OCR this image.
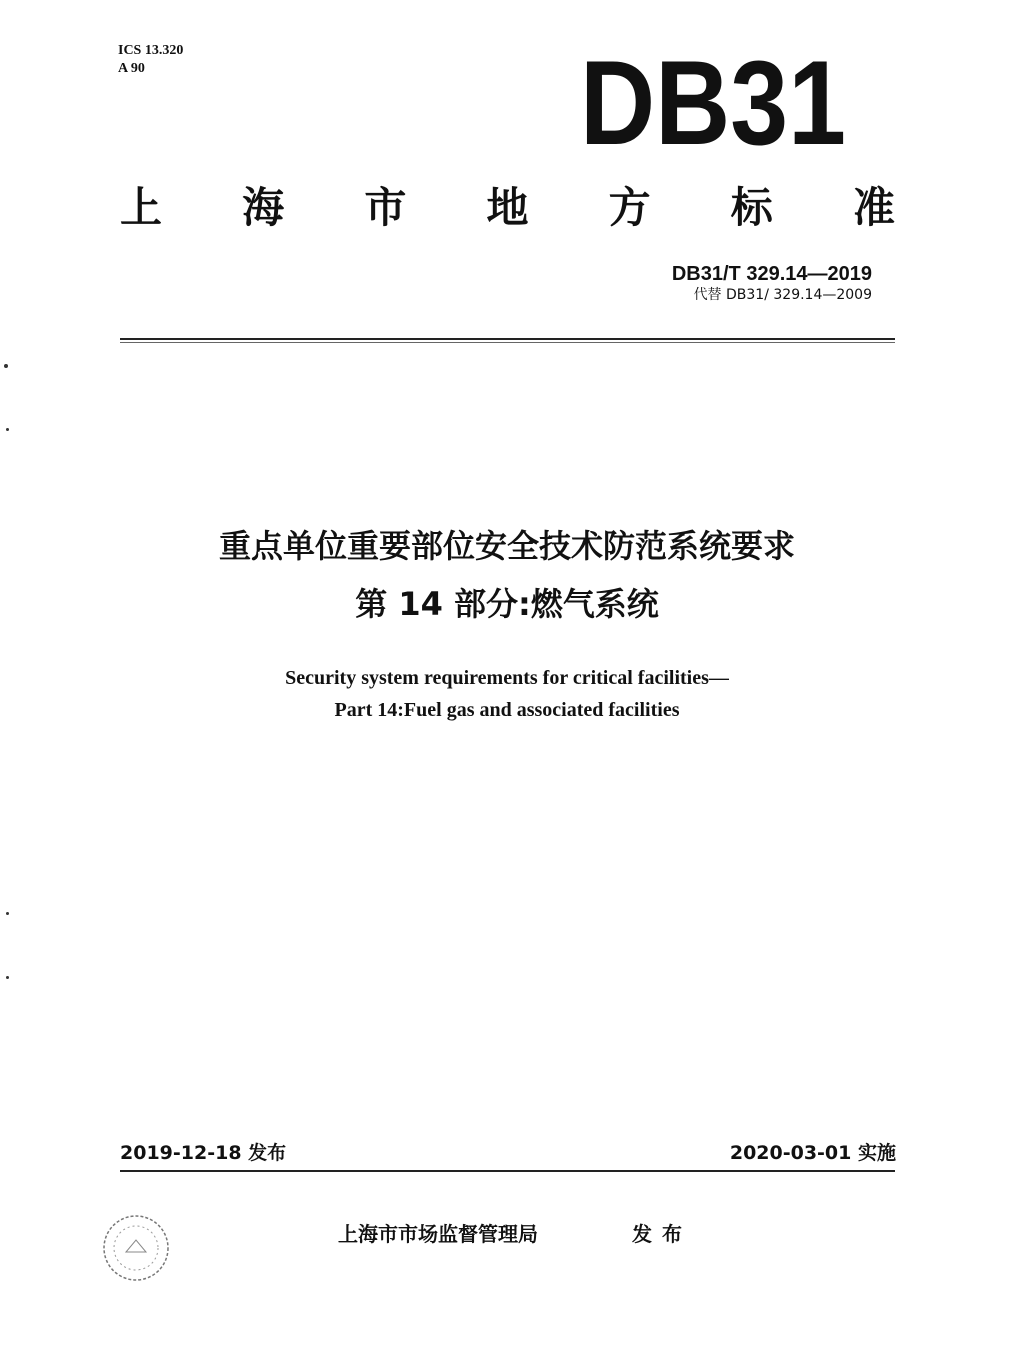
ICS 13.320
A 90	DB31
上 海 市 地 方 标 准
DB31/T 329.14—2019
代替 DB31/ 329.14—2009
重点单位重要部位安全技术防范系统要求
第 14 部分:燃气系统
Security system requirements for critical facilities—
Part 14:Fuel gas and associated facilities
2019-12-18 发布	2020-03-01 实施
上海市市场监督管理局	发布
